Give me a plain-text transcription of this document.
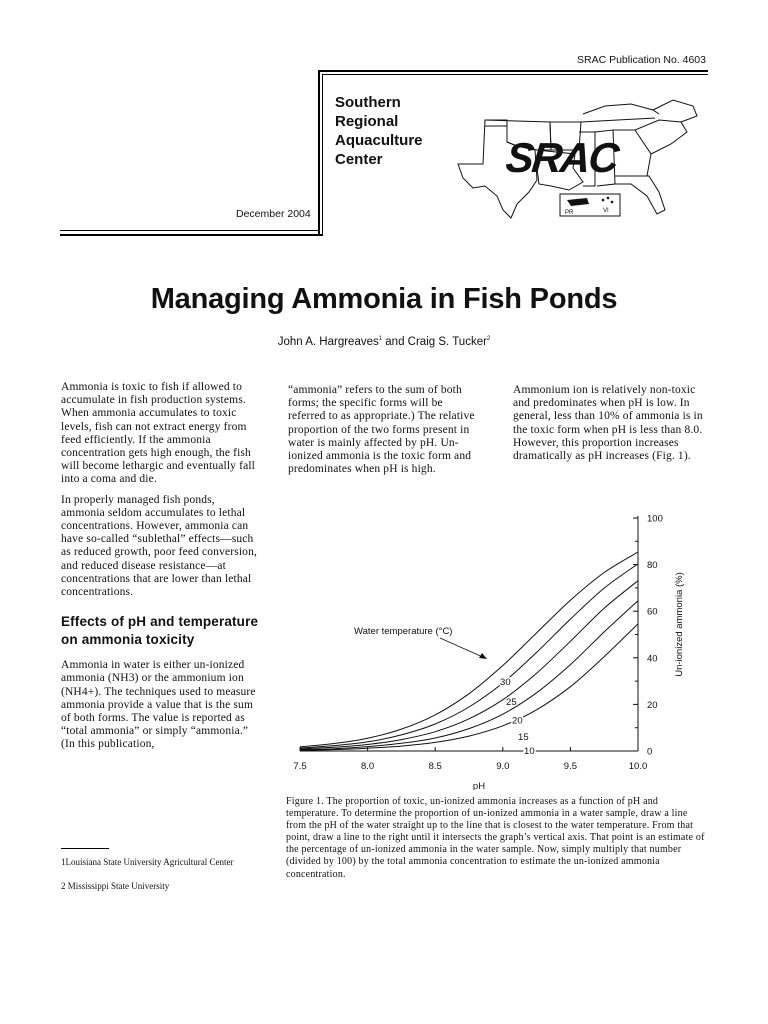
SRAC Publication No. 4603
Southern
Regional
Aquaculture
Center
December 2004
SRAC
PR	VI
Managing Ammonia in Fish Ponds
John A. Hargreaves$^1$ and Craig S. Tucker$^2$

Ammonia is toxic to fish if allowed to accumulate in fish production systems. When ammonia accumulates to toxic levels, fish can not extract energy from feed efficiently. If the ammonia concentration gets high enough, the fish will become lethargic and eventually fall into a coma and die.

In properly managed fish ponds, ammonia seldom accumulates to lethal concentrations. However, ammonia can have so-called “sublethal” effects—such as reduced growth, poor feed conversion, and reduced disease resistance—at concentrations that are lower than lethal concentrations.

Effects of pH and temperature on ammonia toxicity

Ammonia in water is either un-ionized ammonia (NH3) or the ammonium ion (NH4+). The techniques used to measure ammonia provide a value that is the sum of both forms. The value is reported as “total ammonia” or simply “ammonia.” (In this publication,

“ammonia” refers to the sum of both forms; the specific forms will be referred to as appropriate.) The relative proportion of the two forms present in water is mainly affected by pH. Un-ionized ammonia is the toxic form and predominates when pH is high.

Ammonium ion is relatively non-toxic and predominates when pH is low. In general, less than 10% of ammonia is in the toxic form when pH is less than 8.0. However, this proportion increases dramatically as pH increases (Fig. 1).

7.5	8.0	8.5	9.0	9.5	10.0
0
20
40
60
80
100
pH
Un-ionized ammonia (%)
30
25
20
15
10
Water temperature (°C)
Figure 1. The proportion of toxic, un-ionized ammonia increases as a function of pH and temperature. To determine the proportion of un-ionized ammonia in a water sample, draw a line from the pH of the water straight up to the line that is closest to the water temperature. From that point, draw a line to the right until it intersects the graph’s vertical axis. That point is an estimate of the percentage of un-ionized ammonia in the water sample. Now, simply multiply that number (divided by 100) by the total ammonia concentration to estimate the un-ionized ammonia concentration.
1Louisiana State University Agricultural Center
2 Mississippi State University
